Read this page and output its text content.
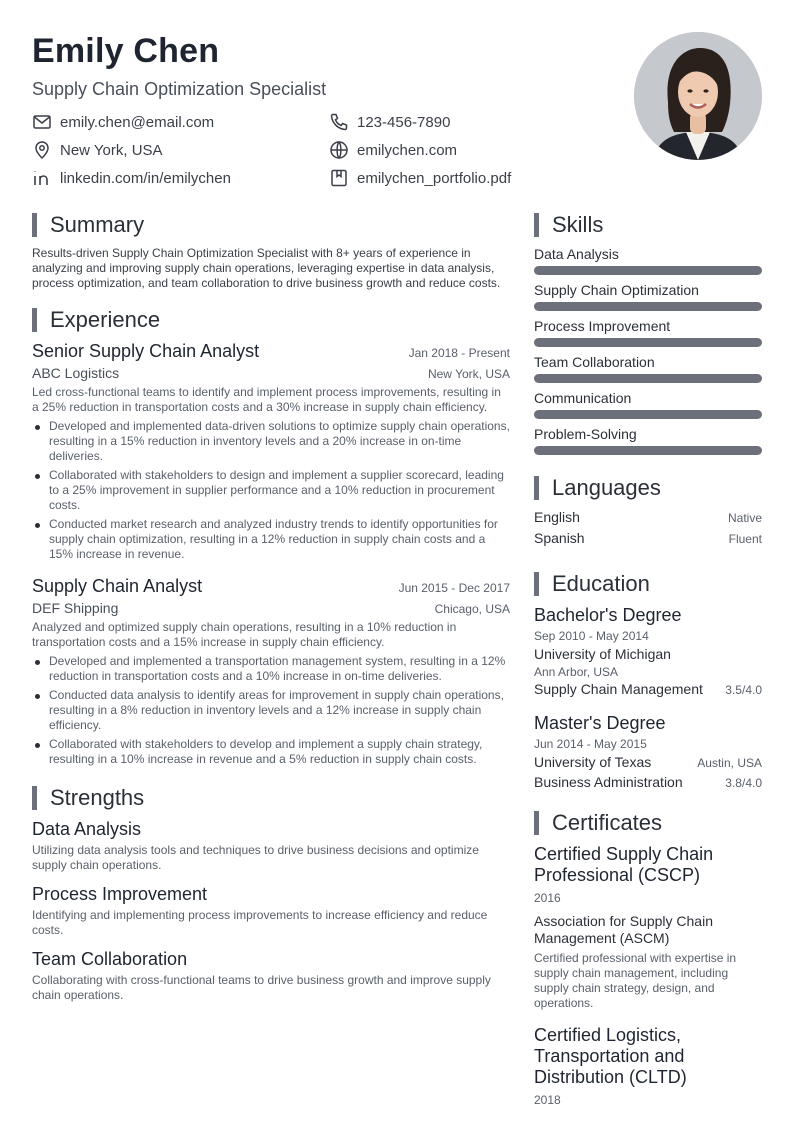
Emily Chen
Supply Chain Optimization Specialist
emily.chen@email.com	123-456-7890
New York, USA	emilychen.com
linkedin.com/in/emilychen	emilychen_portfolio.pdf
Summary
Results-driven Supply Chain Optimization Specialist with 8+ years of experience in analyzing and improving supply chain operations, leveraging expertise in data analysis, process optimization, and team collaboration to drive business growth and reduce costs.
Experience
Senior Supply Chain Analyst	Jan 2018 - Present
ABC Logistics	New York, USA
Led cross-functional teams to identify and implement process improvements, resulting in a 25% reduction in transportation costs and a 30% increase in supply chain efficiency.
Developed and implemented data-driven solutions to optimize supply chain operations, resulting in a 15% reduction in inventory levels and a 20% increase in on-time deliveries.
Collaborated with stakeholders to design and implement a supplier scorecard, leading to a 25% improvement in supplier performance and a 10% reduction in procurement costs.
Conducted market research and analyzed industry trends to identify opportunities for supply chain optimization, resulting in a 12% reduction in supply chain costs and a 15% increase in revenue.
Supply Chain Analyst	Jun 2015 - Dec 2017
DEF Shipping	Chicago, USA
Analyzed and optimized supply chain operations, resulting in a 10% reduction in transportation costs and a 15% increase in supply chain efficiency.
Developed and implemented a transportation management system, resulting in a 12% reduction in transportation costs and a 10% increase in on-time deliveries.
Conducted data analysis to identify areas for improvement in supply chain operations, resulting in a 8% reduction in inventory levels and a 12% increase in supply chain efficiency.
Collaborated with stakeholders to develop and implement a supply chain strategy, resulting in a 10% increase in revenue and a 5% reduction in supply chain costs.
Strengths
Data Analysis
Utilizing data analysis tools and techniques to drive business decisions and optimize supply chain operations.
Process Improvement
Identifying and implementing process improvements to increase efficiency and reduce costs.
Team Collaboration
Collaborating with cross-functional teams to drive business growth and improve supply chain operations.
Skills
Data Analysis
Supply Chain Optimization
Process Improvement
Team Collaboration
Communication
Problem-Solving
Languages
English	Native
Spanish	Fluent
Education
Bachelor's Degree
Sep 2010 - May 2014
University of Michigan
Ann Arbor, USA
Supply Chain Management 3.5/4.0
Master's Degree
Jun 2014 - May 2015
University of Texas	Austin, USA
Business Administration	3.8/4.0
Certificates
Certified Supply Chain Professional (CSCP)
2016
Association for Supply Chain Management (ASCM)
Certified professional with expertise in supply chain management, including supply chain strategy, design, and operations.
Certified Logistics, Transportation and Distribution (CLTD)
2018
